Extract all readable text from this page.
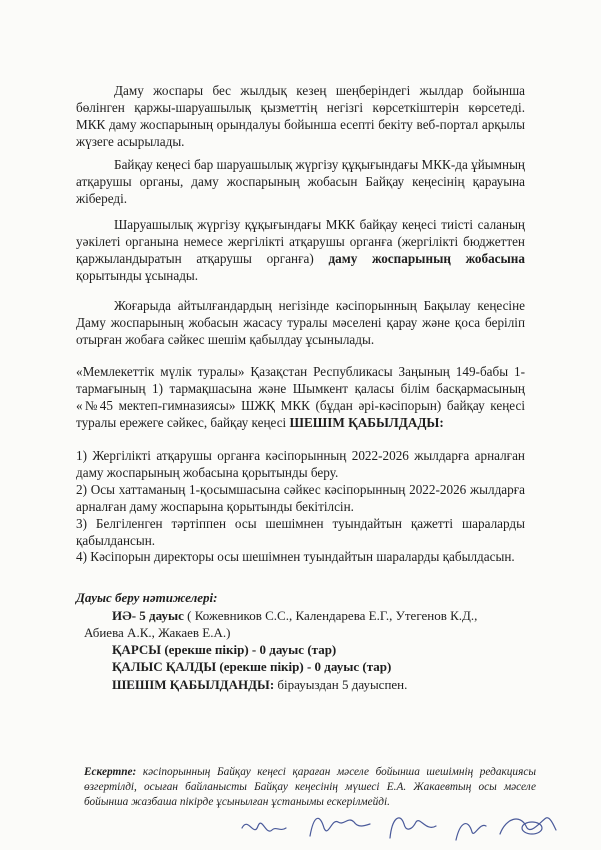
Даму жоспары бес жылдық кезең шеңберіндегі жылдар бойынша бөлінген қаржы-шаруашылық қызметтің негізгі көрсеткіштерін көрсетеді. МКК даму жоспарының орындалуы бойынша есепті бекіту веб-портал арқылы жүзеге асырылады.

Байқау кеңесі бар шаруашылық жүргізу құқығындағы МКК-да ұйымның атқарушы органы, даму жоспарының жобасын Байқау кеңесінің қарауына жібереді.

Шаруашылық жүргізу құқығындағы МКК байқау кеңесі тиісті саланың уәкілеті органына немесе жергілікті атқарушы органға (жергілікті бюджеттен қаржыландыратын атқарушы органға) даму жоспарының жобасына қорытынды ұсынады.

Жоғарыда айтылғандардың негізінде кәсіпорынның Бақылау кеңесіне Даму жоспарының жобасын жасасу туралы мәселені қарау және қоса беріліп отырған жобаға сәйкес шешім қабылдау ұсынылады.

«Мемлекеттік мүлік туралы» Қазақстан Республикасы Заңының 149-бабы 1-тармағының 1) тармақшасына және Шымкент қаласы білім басқармасының «№45 мектеп-гимназиясы» ШЖҚ МКК (бұдан әрі-кәсіпорын) байқау кеңесі туралы ережеге сәйкес, байқау кеңесі ШЕШІМ ҚАБЫЛДАДЫ:

1) Жергілікті атқарушы органға кәсіпорынның 2022-2026 жылдарға арналған даму жоспарының жобасына қорытынды беру.

2) Осы хаттаманың 1-қосымшасына сәйкес кәсіпорынның 2022-2026 жылдарға арналған даму жоспарына қорытынды бекітілсін.

3) Белгіленген тәртіппен осы шешімнен туындайтын қажетті шараларды қабылдансын.

4) Кәсіпорын директоры осы шешімнен туындайтын шараларды қабылдасын.

Дауыс беру нәтижелері:
ИӘ- 5 дауыс ( Кожевников С.С., Календарева Е.Г., Утегенов К.Д.,
Абиева А.К., Жакаев Е.А.)
ҚАРСЫ (ерекше пікір) - 0 дауыс (тар)
ҚАЛЫС ҚАЛДЫ (ерекше пікір) - 0 дауыс (тар)
ШЕШІМ ҚАБЫЛДАНДЫ: бірауыздан 5 дауыспен.

Ескертпе: кәсіпорынның Байқау кеңесі қараған мәселе бойынша шешімнің редакциясы өзгертілді, осыған байланысты Байқау кеңесінің мүшесі Е.А. Жакаевтың осы мәселе бойынша жазбаша пікірде ұсынылған ұстанымы ескерілмейді.
